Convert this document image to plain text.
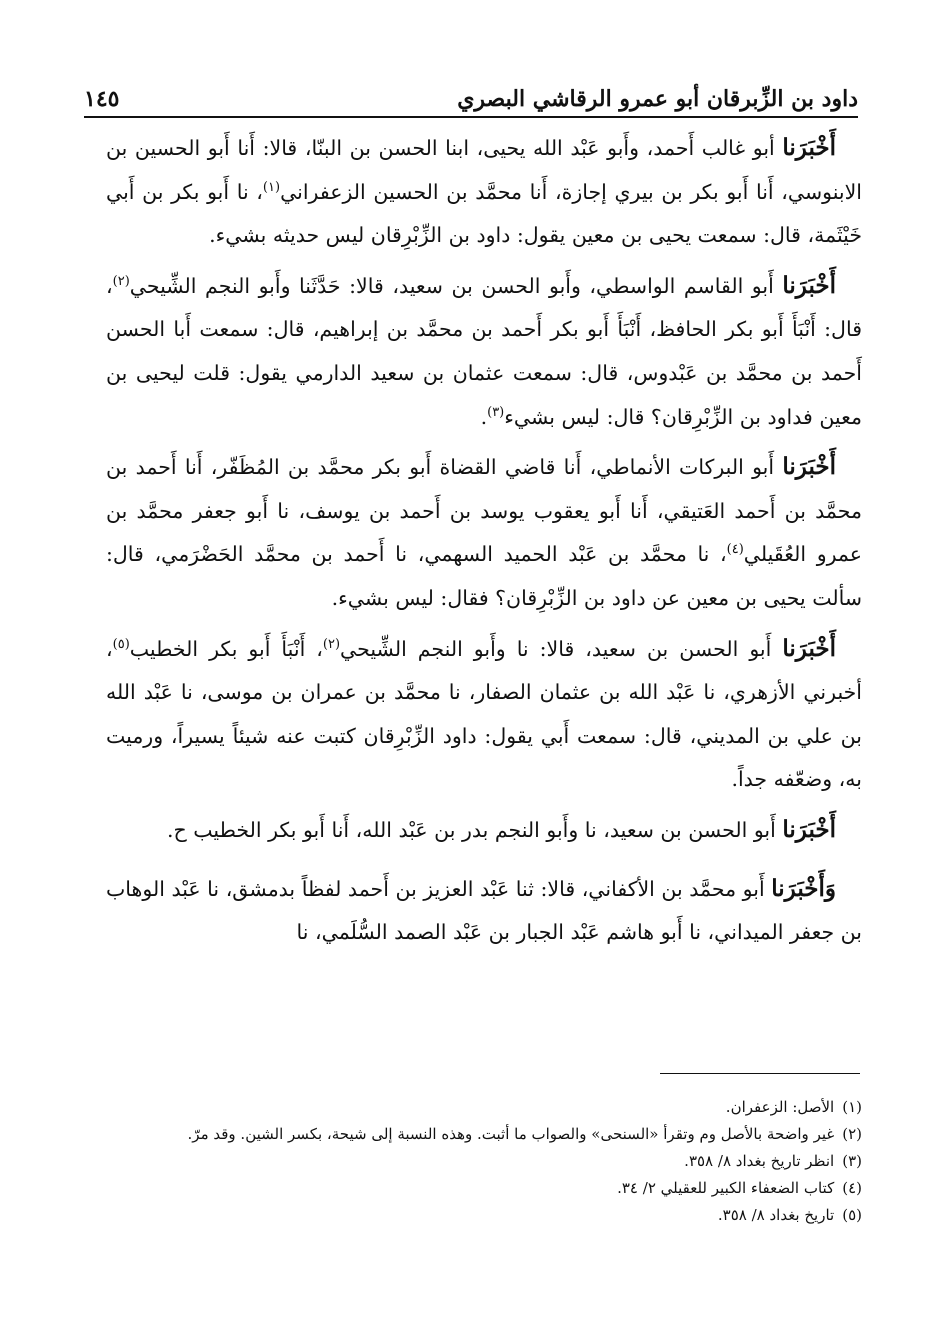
داود بن الزِّبرقان أبو عمرو الرقاشي البصري
١٤٥

أَخْبَرَنا أبو غالب أَحمد، وأَبو عَبْد الله يحيى، ابنا الحسن بن البنّا، قالا: أَنا أَبو الحسين بن الابنوسي، أَنا أَبو بكر بن بيري إجازة، أَنا محمَّد بن الحسين الزعفراني$^{(١)}$، نا أَبو بكر بن أَبي خَيْثَمة، قال: سمعت يحيى بن معين يقول: داود بن الزِّبْرِقان ليس حديثه بشيء.

أَخْبَرَنا أَبو القاسم الواسطي، وأَبو الحسن بن سعيد، قالا: حَدَّثَنا وأَبو النجم الشِّيحي$^{(٢)}$، قال: أَنْبَأَ أَبو بكر الحافظ، أَنْبَأَ أَبو بكر أَحمد بن محمَّد بن إبراهيم، قال: سمعت أَبا الحسن أَحمد بن محمَّد بن عَبْدوس، قال: سمعت عثمان بن سعيد الدارمي يقول: قلت ليحيى بن معين فداود بن الزِّبْرِقان؟ قال: ليس بشيء$^{(٣)}$.

أَخْبَرَنا أَبو البركات الأنماطي، أَنا قاضي القضاة أَبو بكر محمَّد بن المُظَفّر، أَنا أَحمد بن محمَّد بن أَحمد العَتيقي، أَنا أَبو يعقوب يوسد بن أَحمد بن يوسف، نا أَبو جعفر محمَّد بن عمرو العُقَيلي$^{(٤)}$، نا محمَّد بن عَبْد الحميد السهمي، نا أَحمد بن محمَّد الحَضْرَمي، قال: سألت يحيى بن معين عن داود بن الزِّبْرِقان؟ فقال: ليس بشيء.

أَخْبَرَنا أَبو الحسن بن سعيد، قالا: نا وأَبو النجم الشِّيحي$^{(٢)}$، أَنْبَأَ أَبو بكر الخطيب$^{(٥)}$، أخبرني الأزهري، نا عَبْد الله بن عثمان الصفار، نا محمَّد بن عمران بن موسى، نا عَبْد الله بن علي بن المديني، قال: سمعت أَبي يقول: داود الزِّبْرِقان كتبت عنه شيئاً يسيراً، ورميت به، وضعّفه جداً.

أَخْبَرَنا أَبو الحسن بن سعيد، نا وأَبو النجم بدر بن عَبْد الله، أَنا أَبو بكر الخطيب ح.

وَأَخْبَرَنا أَبو محمَّد بن الأكفاني، قالا: ثنا عَبْد العزيز بن أَحمد لفظاً بدمشق، نا عَبْد الوهاب بن جعفر الميداني، نا أَبو هاشم عَبْد الجبار بن عَبْد الصمد السُّلَمي، نا

(١)
الأصل: الزعفران.

(٢)
غير واضحة بالأصل وم وتقرأ «السنحى» والصواب ما أثبت. وهذه النسبة إلى شيحة، بكسر الشين. وقد مرّ.

(٣)
انظر تاريخ بغداد ٨/ ٣٥٨.

(٤)
كتاب الضعفاء الكبير للعقيلي ٢/ ٣٤.

(٥)
تاريخ بغداد ٨/ ٣٥٨.
